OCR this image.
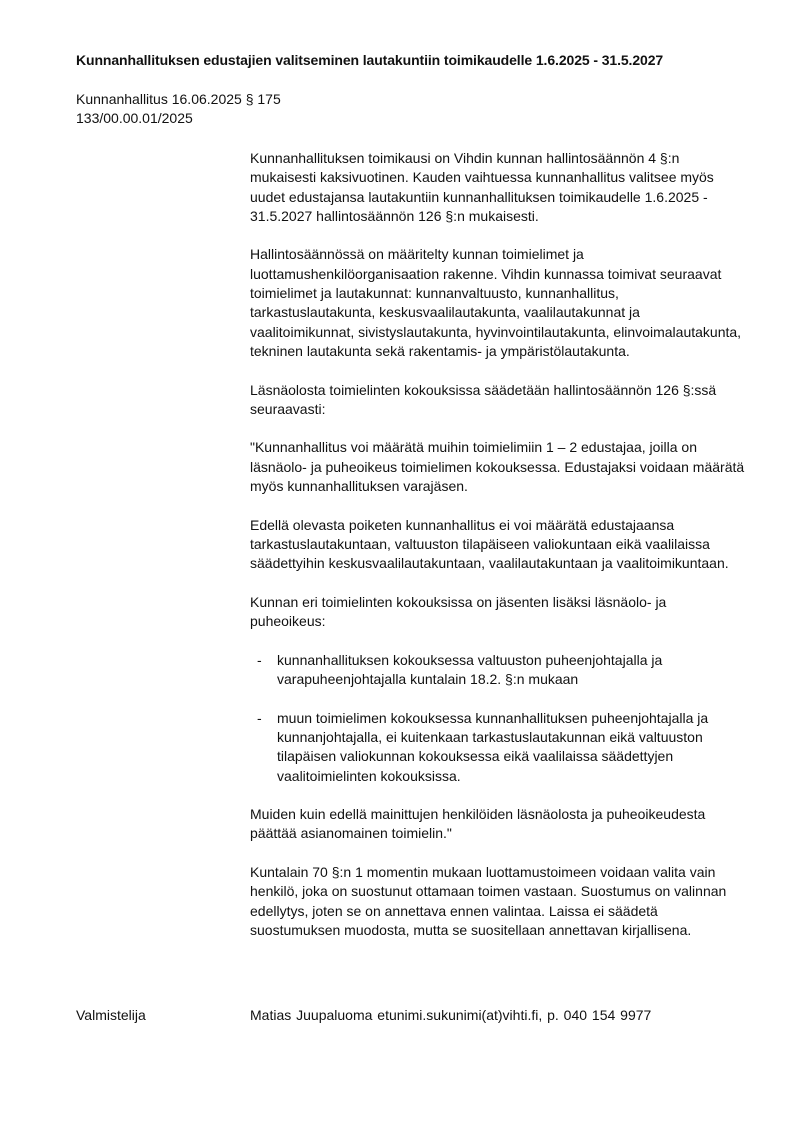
Kunnanhallituksen edustajien valitseminen lautakuntiin toimikaudelle 1.6.2025 - 31.5.2027
Kunnanhallitus 16.06.2025 § 175
133/00.00.01/2025

Kunnanhallituksen toimikausi on Vihdin kunnan hallintosäännön 4 §:n mukaisesti kaksivuotinen. Kauden vaihtuessa kunnanhallitus valitsee myös uudet edustajansa lautakuntiin kunnanhallituksen toimikaudelle 1.6.2025 - 31.5.2027 hallintosäännön 126 §:n mukaisesti.

Hallintosäännössä on määritelty kunnan toimielimet ja luottamushenkilöorganisaation rakenne. Vihdin kunnassa toimivat seuraavat toimielimet ja lautakunnat: kunnanvaltuusto, kunnanhallitus, tarkastuslautakunta, keskusvaalilautakunta, vaalilautakunnat ja vaalitoimikunnat, sivistyslautakunta, hyvinvointilautakunta, elinvoimalautakunta, tekninen lautakunta sekä rakentamis- ja ympäristölautakunta.

Läsnäolosta toimielinten kokouksissa säädetään hallintosäännön 126 §:ssä seuraavasti:

"Kunnanhallitus voi määrätä muihin toimielimiin 1 – 2 edustajaa, joilla on läsnäolo- ja puheoikeus toimielimen kokouksessa. Edustajaksi voidaan määrätä myös kunnanhallituksen varajäsen.

Edellä olevasta poiketen kunnanhallitus ei voi määrätä edustajaansa tarkastuslautakuntaan, valtuuston tilapäiseen valiokuntaan eikä vaalilaissa säädettyihin keskusvaalilautakuntaan, vaalilautakuntaan ja vaalitoimikuntaan.

Kunnan eri toimielinten kokouksissa on jäsenten lisäksi läsnäolo- ja puheoikeus:

- kunnanhallituksen kokouksessa valtuuston puheenjohtajalla ja varapuheenjohtajalla kuntalain 18.2. §:n mukaan
- muun toimielimen kokouksessa kunnanhallituksen puheenjohtajalla ja kunnanjohtajalla, ei kuitenkaan tarkastuslautakunnan eikä valtuuston tilapäisen valiokunnan kokouksessa eikä vaalilaissa säädettyjen vaalitoimielinten kokouksissa.

Muiden kuin edellä mainittujen henkilöiden läsnäolosta ja puheoikeudesta päättää asianomainen toimielin."

Kuntalain 70 §:n 1 momentin mukaan luottamustoimeen voidaan valita vain henkilö, joka on suostunut ottamaan toimen vastaan. Suostumus on valinnan edellytys, joten se on annettava ennen valintaa. Laissa ei säädetä suostumuksen muodosta, mutta se suositellaan annettavan kirjallisena.

Valmistelija	Matias Juupaluoma etunimi.sukunimi(at)vihti.fi, p. 040 154 9977
